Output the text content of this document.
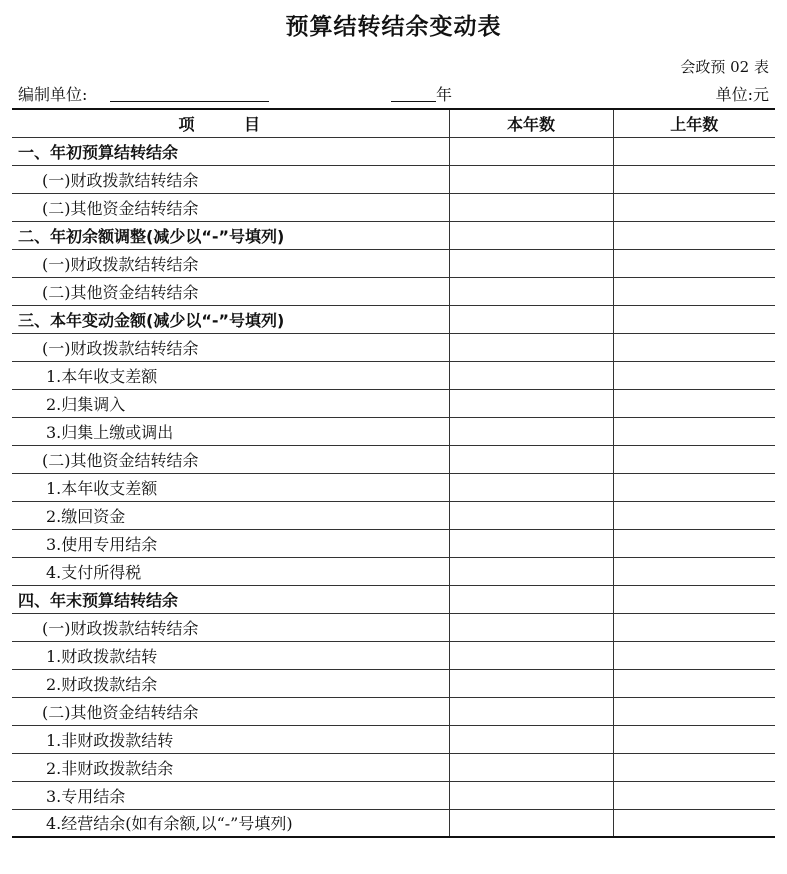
预算结转结余变动表
会政预 02 表
编制单位:	年	单位:元
项 目	本年数	上年数
一、年初预算结转结余		
(一)财政拨款结转结余		
(二)其他资金结转结余		
二、年初余额调整(减少以“-”号填列)		
(一)财政拨款结转结余		
(二)其他资金结转结余		
三、本年变动金额(减少以“-”号填列)		
(一)财政拨款结转结余		
1.本年收支差额		
2.归集调入		
3.归集上缴或调出		
(二)其他资金结转结余		
1.本年收支差额		
2.缴回资金		
3.使用专用结余		
4.支付所得税		
四、年末预算结转结余		
(一)财政拨款结转结余		
1.财政拨款结转		
2.财政拨款结余		
(二)其他资金结转结余		
1.非财政拨款结转		
2.非财政拨款结余		
3.专用结余		
4.经营结余(如有余额,以“-”号填列)		
